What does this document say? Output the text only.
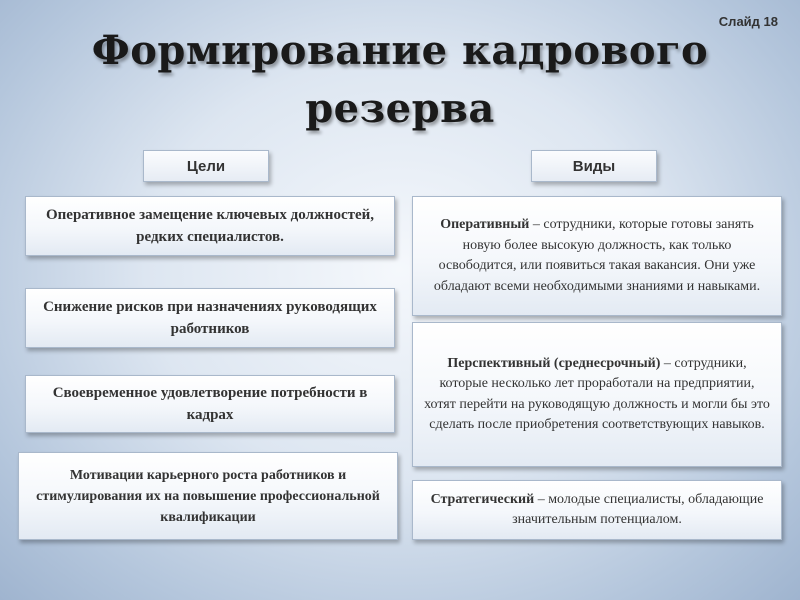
Слайд 18
Формирование кадрового
резерва
Цели	Виды
Оперативное замещение ключевых должностей, редких специалистов.
Снижение рисков при назначениях руководящих работников
Своевременное удовлетворение потребности в кадрах
Мотивации карьерного роста работников и стимулирования их на повышение профессиональной квалификации
Оперативный – сотрудники, которые готовы занять новую более высокую должность, как только освободится, или появиться такая вакансия. Они уже обладают всеми необходимыми знаниями и навыками.
Перспективный (среднесрочный) – сотрудники, которые несколько лет проработали на предприятии, хотят перейти на руководящую должность и могли бы это сделать после приобретения соответствующих навыков.
Стратегический – молодые специалисты, обладающие значительным потенциалом.
